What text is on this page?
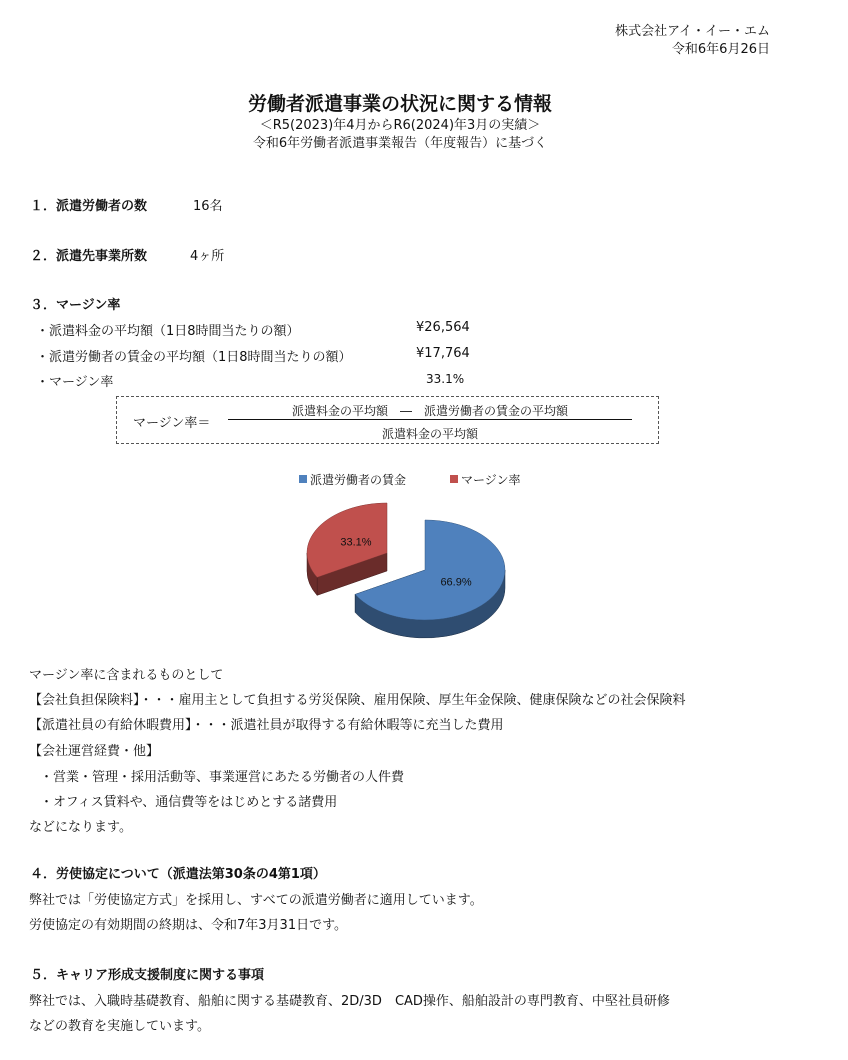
株式会社アイ・イー・エム
令和6年6月26日
労働者派遣事業の状況に関する情報
＜R5(2023)年4月からR6(2024)年3月の実績＞
令和6年労働者派遣事業報告（年度報告）に基づく
１．派遣労働者の数	16名
２．派遣先事業所数	4ヶ所
３．マージン率
・派遣料金の平均額（1日8時間当たりの額）	¥26,564
・派遣労働者の賃金の平均額（1日8時間当たりの額）	¥17,764
・マージン率	33.1%
マージン率＝
派遣料金の平均額　―　派遣労働者の賃金の平均額
派遣料金の平均額
派遣労働者の賃金	マージン率
66.9%
33.1%
マージン率に含まれるものとして
【会社負担保険料】・・・雇用主として負担する労災保険、雇用保険、厚生年金保険、健康保険などの社会保険料
【派遣社員の有給休暇費用】・・・派遣社員が取得する有給休暇等に充当した費用
【会社運営経費・他】
・営業・管理・採用活動等、事業運営にあたる労働者の人件費
・オフィス賃料や、通信費等をはじめとする諸費用
などになります。
４．労使協定について（派遣法第30条の4第1項）
弊社では「労使協定方式」を採用し、すべての派遣労働者に適用しています。
労使協定の有効期間の終期は、令和7年3月31日です。
５．キャリア形成支援制度に関する事項
弊社では、入職時基礎教育、船舶に関する基礎教育、2D/3D　CAD操作、船舶設計の専門教育、中堅社員研修
などの教育を実施しています。
